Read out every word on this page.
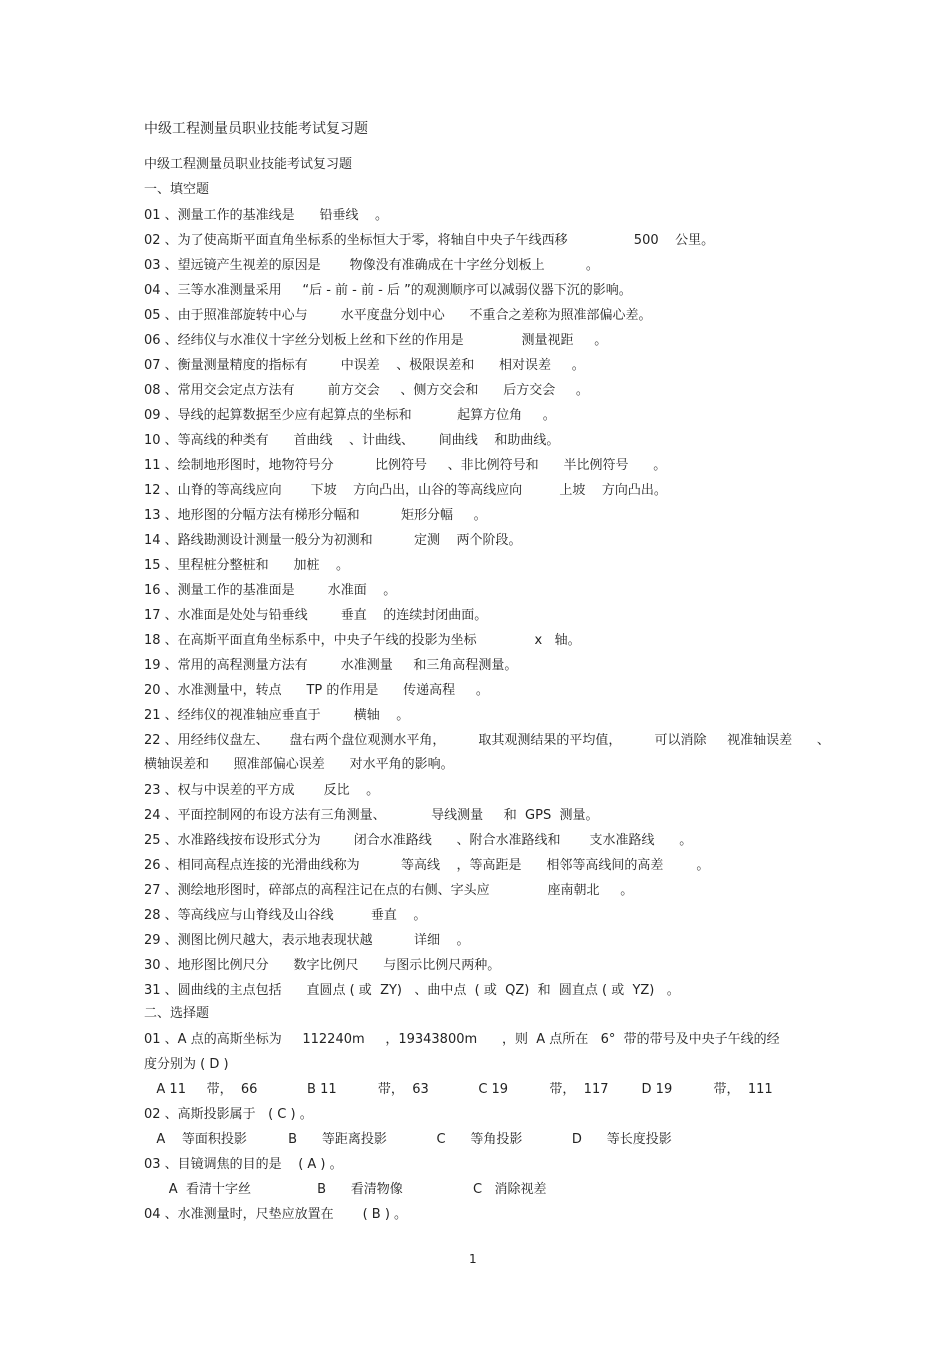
中级工程测量员职业技能考试复习题
中级工程测量员职业技能考试复习题
一、填空题
01 、测量工作的基准线是      铅垂线    。
02 、为了使高斯平面直角坐标系的坐标恒大于零，将轴自中央子午线西移                500    公里。
03 、望远镜产生视差的原因是       物像没有准确成在十字丝分划板上          。
04 、三等水准测量采用     “后 - 前 - 前 - 后 ”的观测顺序可以减弱仪器下沉的影响。
05 、由于照准部旋转中心与        水平度盘分划中心      不重合之差称为照准部偏心差。
06 、经纬仪与水准仪十字丝分划板上丝和下丝的作用是              测量视距     。
07 、衡量测量精度的指标有        中误差    、极限误差和      相对误差     。
08 、常用交会定点方法有        前方交会     、侧方交会和      后方交会     。
09 、导线的起算数据至少应有起算点的坐标和           起算方位角     。
10 、等高线的种类有      首曲线    、计曲线、      间曲线    和助曲线。
11 、绘制地形图时，地物符号分          比例符号     、非比例符号和      半比例符号      。
12 、山脊的等高线应向       下坡    方向凸出，山谷的等高线应向         上坡    方向凸出。
13 、地形图的分幅方法有梯形分幅和          矩形分幅     。
14 、路线勘测设计测量一般分为初测和          定测    两个阶段。
15 、里程桩分整桩和      加桩    。
16 、测量工作的基准面是        水准面    。
17 、水准面是处处与铅垂线        垂直    的连续封闭曲面。
18 、在高斯平面直角坐标系中，中央子午线的投影为坐标              x   轴。
19 、常用的高程测量方法有        水准测量     和三角高程测量。
20 、水准测量中，转点      TP 的作用是      传递高程     。
21 、经纬仪的视准轴应垂直于        横轴    。
22 、用经纬仪盘左、     盘右两个盘位观测水平角，        取其观测结果的平均值，        可以消除     视准轴误差      、
横轴误差和      照准部偏心误差      对水平角的影响。
23 、权与中误差的平方成       反比    。
24 、平面控制网的布设方法有三角测量、           导线测量     和  GPS  测量。
25 、水准路线按布设形式分为        闭合水准路线      、附合水准路线和       支水准路线      。
26 、相同高程点连接的光滑曲线称为          等高线    ，等高距是      相邻等高线间的高差        。
27 、测绘地形图时，碎部点的高程注记在点的右侧、字头应              座南朝北     。
28 、等高线应与山脊线及山谷线         垂直    。
29 、测图比例尺越大，表示地表现状越          详细    。
30 、地形图比例尺分      数字比例尺      与图示比例尺两种。
31 、圆曲线的主点包括      直圆点 ( 或  ZY)   、曲中点  ( 或  QZ)  和  圆直点 ( 或  YZ)   。
二、选择题
01 、A 点的高斯坐标为     112240m     ，19343800m      ，则  A 点所在   6°  带的带号及中央子午线的经
度分别为 ( D )
A 11     带，  66            B 11          带，  63            C 19          带，  117        D 19          带，  111
02 、高斯投影属于   ( C ) 。
A    等面积投影          B      等距离投影            C      等角投影            D      等长度投影
03 、目镜调焦的目的是    ( A ) 。
A  看清十字丝                B      看清物像                 C   消除视差
04 、水准测量时，尺垫应放置在       ( B ) 。
1
